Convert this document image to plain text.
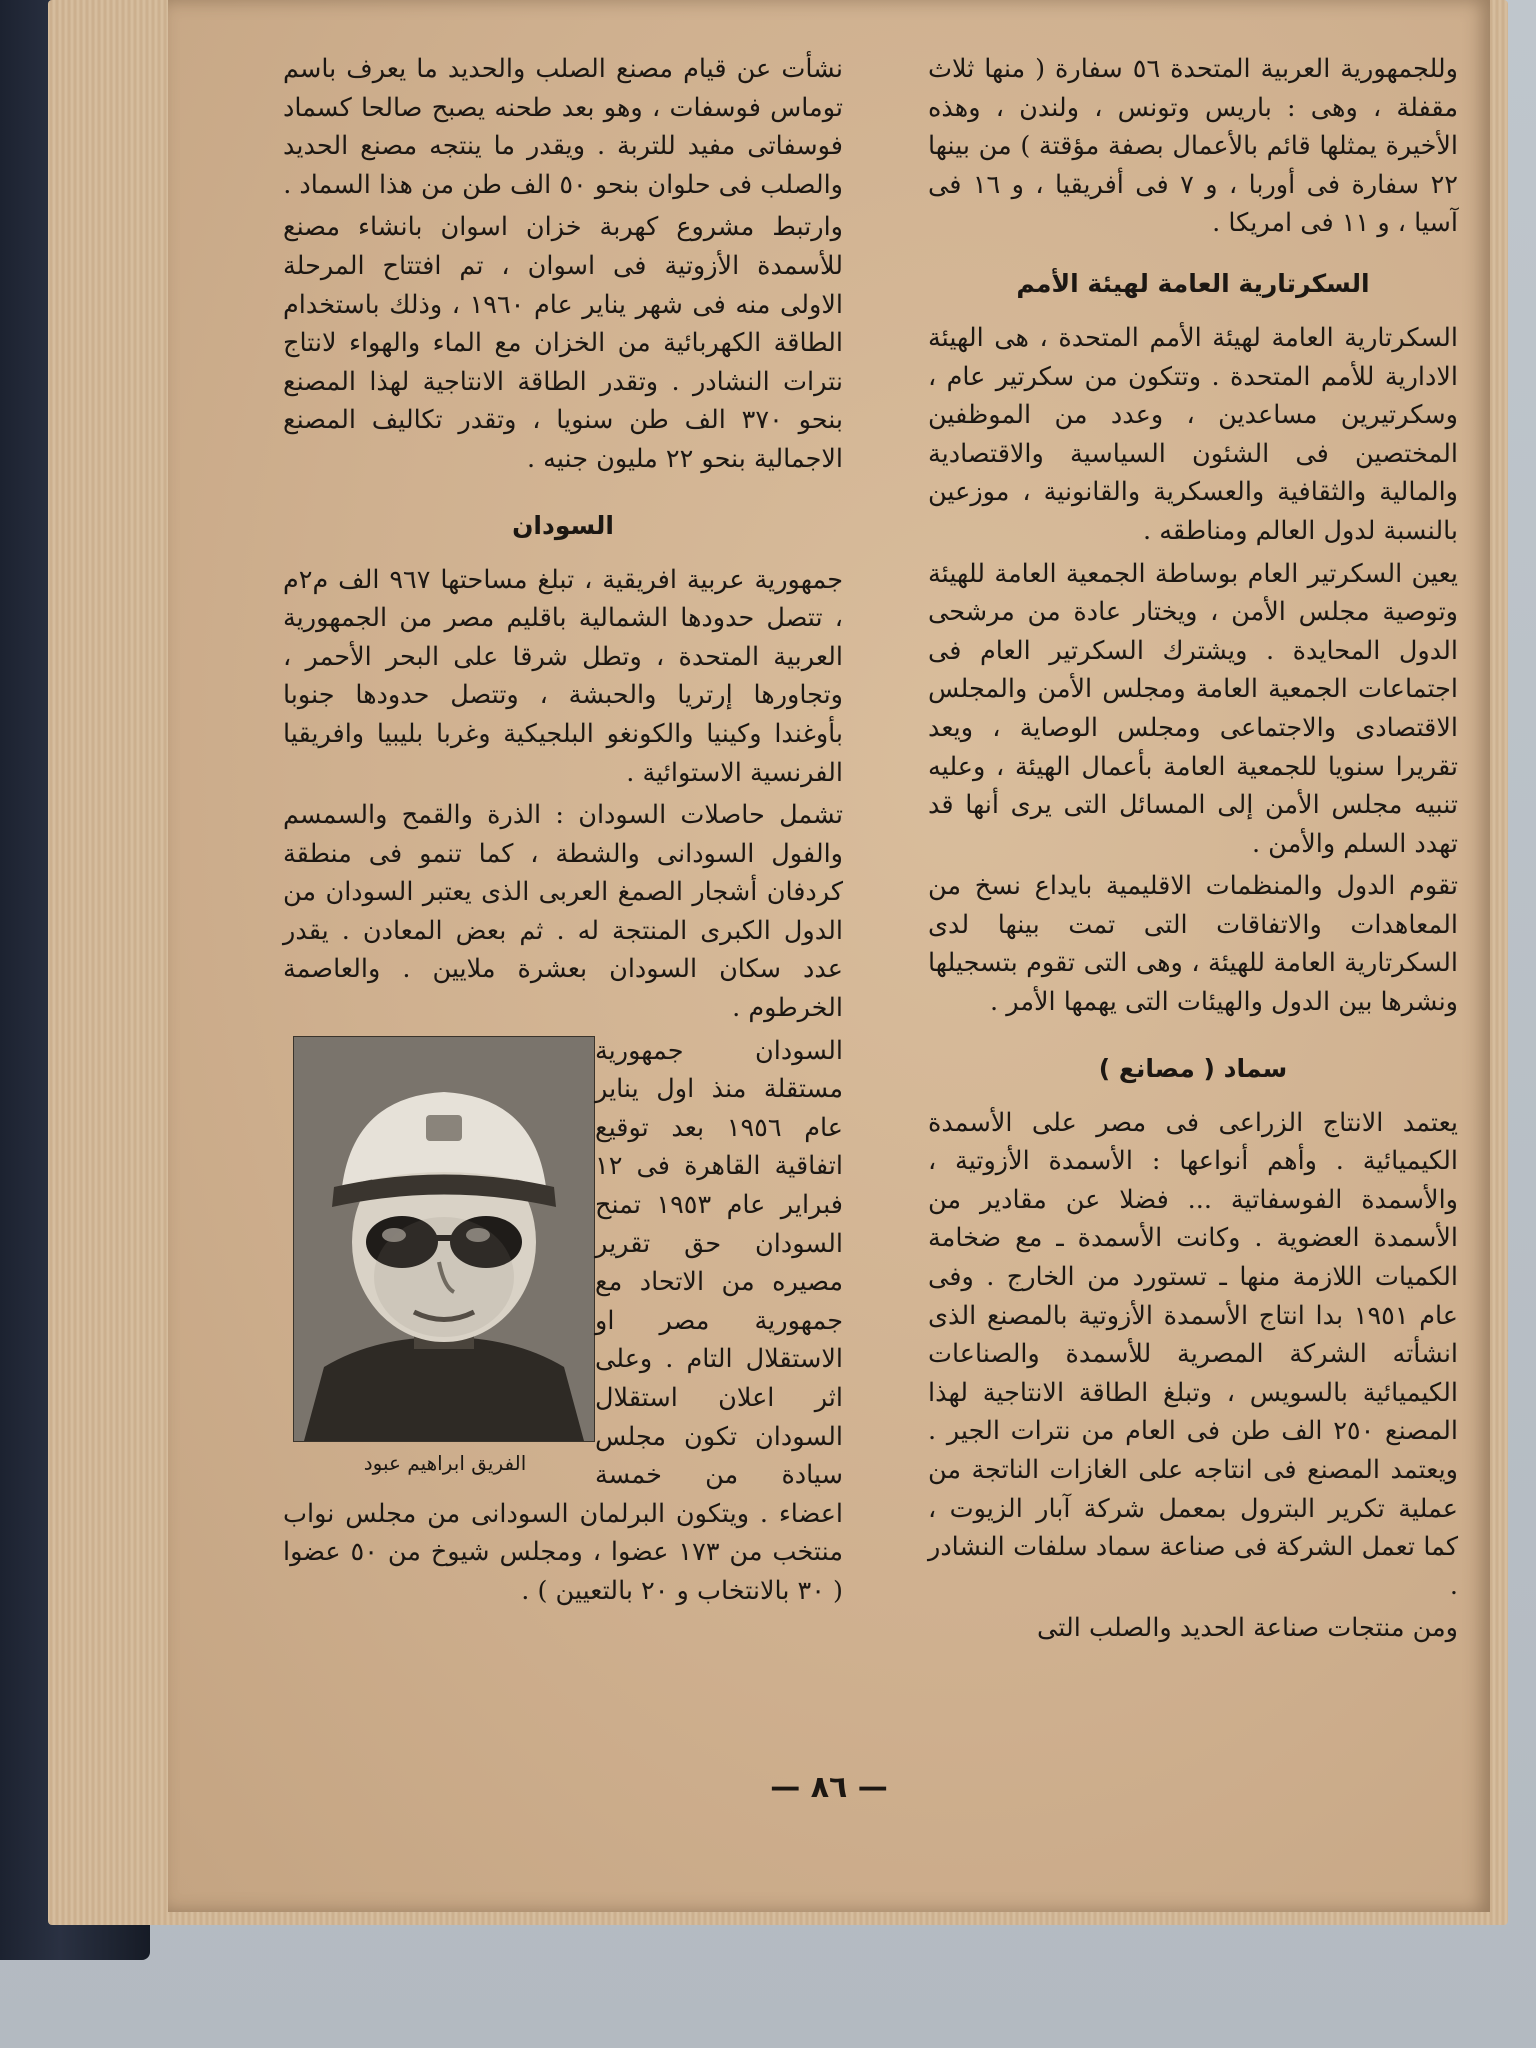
وللجمهورية العربية المتحدة ٥٦ سفارة ( منها ثلاث مقفلة ، وهى : باريس وتونس ، ولندن ، وهذه الأخيرة يمثلها قائم بالأعمال بصفة مؤقتة ) من بينها ٢٢ سفارة فى أوربا ، و ٧ فى أفريقيا ، و ١٦ فى آسيا ، و ١١ فى امريكا .

السكرتارية العامة لهيئة الأمم

السكرتارية العامة لهيئة الأمم المتحدة ، هى الهيئة الادارية للأمم المتحدة . وتتكون من سكرتير عام ، وسكرتيرين مساعدين ، وعدد من الموظفين المختصين فى الشئون السياسية والاقتصادية والمالية والثقافية والعسكرية والقانونية ، موزعين بالنسبة لدول العالم ومناطقه .

يعين السكرتير العام بوساطة الجمعية العامة للهيئة وتوصية مجلس الأمن ، ويختار عادة من مرشحى الدول المحايدة . ويشترك السكرتير العام فى اجتماعات الجمعية العامة ومجلس الأمن والمجلس الاقتصادى والاجتماعى ومجلس الوصاية ، ويعد تقريرا سنويا للجمعية العامة بأعمال الهيئة ، وعليه تنبيه مجلس الأمن إلى المسائل التى يرى أنها قد تهدد السلم والأمن .

تقوم الدول والمنظمات الاقليمية بايداع نسخ من المعاهدات والاتفاقات التى تمت بينها لدى السكرتارية العامة للهيئة ، وهى التى تقوم بتسجيلها ونشرها بين الدول والهيئات التى يهمها الأمر .

سماد ( مصانع )

يعتمد الانتاج الزراعى فى مصر على الأسمدة الكيميائية . وأهم أنواعها : الأسمدة الأزوتية ، والأسمدة الفوسفاتية ... فضلا عن مقادير من الأسمدة العضوية . وكانت الأسمدة ـ مع ضخامة الكميات اللازمة منها ـ تستورد من الخارج . وفى عام ١٩٥١ بدا انتاج الأسمدة الأزوتية بالمصنع الذى انشأته الشركة المصرية للأسمدة والصناعات الكيميائية بالسويس ، وتبلغ الطاقة الانتاجية لهذا المصنع ٢٥٠ الف طن فى العام من نترات الجير . ويعتمد المصنع فى انتاجه على الغازات الناتجة من عملية تكرير البترول بمعمل شركة آبار الزيوت ، كما تعمل الشركة فى صناعة سماد سلفات النشادر .

ومن منتجات صناعة الحديد والصلب التى

نشأت عن قيام مصنع الصلب والحديد ما يعرف باسم توماس فوسفات ، وهو بعد طحنه يصبح صالحا كسماد فوسفاتى مفيد للتربة . ويقدر ما ينتجه مصنع الحديد والصلب فى حلوان بنحو ٥٠ الف طن من هذا السماد .

وارتبط مشروع كهربة خزان اسوان بانشاء مصنع للأسمدة الأزوتية فى اسوان ، تم افتتاح المرحلة الاولى منه فى شهر يناير عام ١٩٦٠ ، وذلك باستخدام الطاقة الكهربائية من الخزان مع الماء والهواء لانتاج نترات النشادر . وتقدر الطاقة الانتاجية لهذا المصنع بنحو ٣٧٠ الف طن سنويا ، وتقدر تكاليف المصنع الاجمالية بنحو ٢٢ مليون جنيه .

السودان

جمهورية عربية افريقية ، تبلغ مساحتها ٩٦٧ الف م٢م ، تتصل حدودها الشمالية باقليم مصر من الجمهورية العربية المتحدة ، وتطل شرقا على البحر الأحمر ، وتجاورها إرتريا والحبشة ، وتتصل حدودها جنوبا بأوغندا وكينيا والكونغو البلجيكية وغربا بليبيا وافريقيا الفرنسية الاستوائية .

تشمل حاصلات السودان : الذرة والقمح والسمسم والفول السودانى والشطة ، كما تنمو فى منطقة كردفان أشجار الصمغ العربى الذى يعتبر السودان من الدول الكبرى المنتجة له . ثم بعض المعادن . يقدر عدد سكان السودان بعشرة ملايين . والعاصمة الخرطوم .

الفريق ابراهيم عبود

السودان جمهورية مستقلة منذ اول يناير عام ١٩٥٦ بعد توقيع اتفاقية القاهرة فى ١٢ فبراير عام ١٩٥٣ تمنح السودان حق تقرير مصيره من الاتحاد مع جمهورية مصر او الاستقلال التام . وعلى اثر اعلان استقلال السودان تكون مجلس سيادة من خمسة اعضاء . ويتكون البرلمان السودانى من مجلس نواب منتخب من ١٧٣ عضوا ، ومجلس شيوخ من ٥٠ عضوا ( ٣٠ بالانتخاب و ٢٠ بالتعيين ) .

— ٨٦ —
